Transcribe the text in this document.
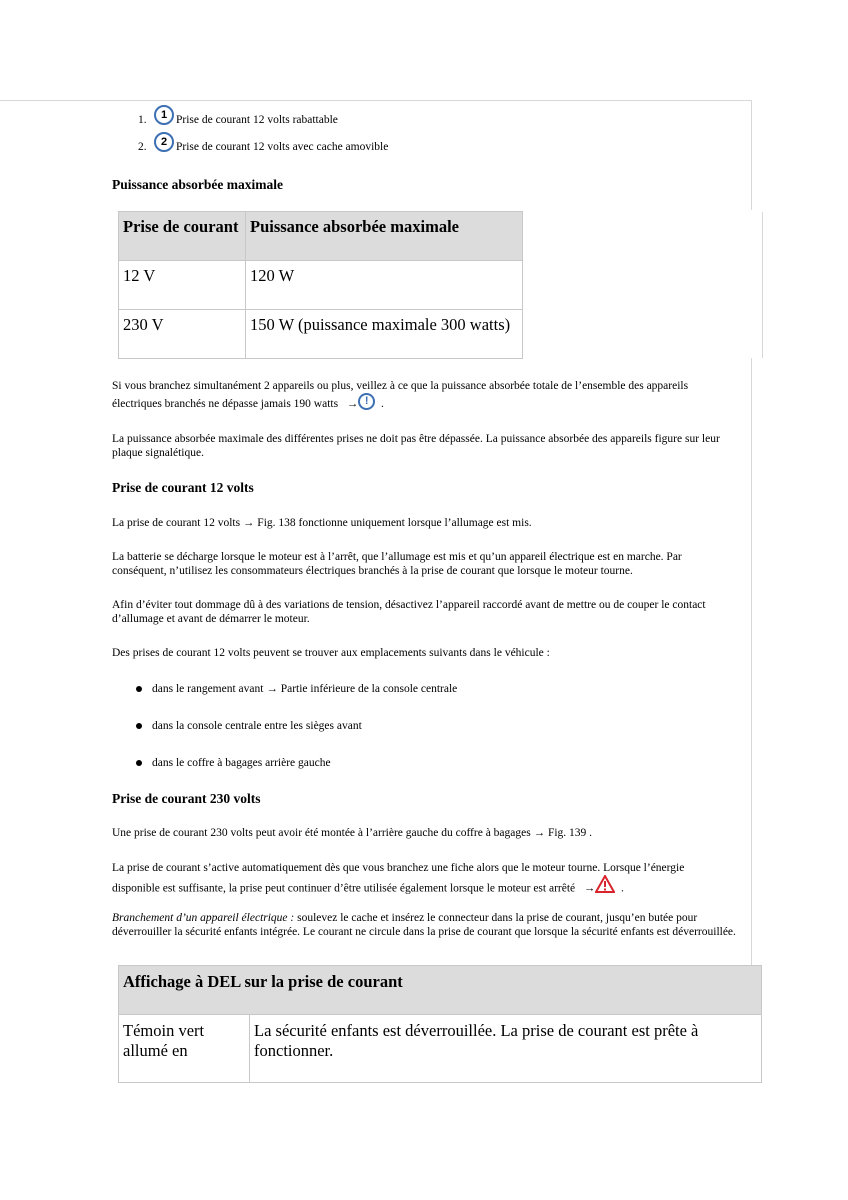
1.	1 Prise de courant 12 volts rabattable
2.	2 Prise de courant 12 volts avec cache amovible
Puissance absorbée maximale
Prise de courant	Puissance absorbée maximale
12 V	120 W
230 V	150 W (puissance maximale 300 watts)
Si vous branchez simultanément 2 appareils ou plus, veillez à ce que la puissance absorbée totale de l’ensemble des appareils
électriques branchés ne dépasse jamais 190 watts → ! .
La puissance absorbée maximale des différentes prises ne doit pas être dépassée. La puissance absorbée des appareils figure sur leur plaque signalétique.
Prise de courant 12 volts
La prise de courant 12 volts → Fig. 138 fonctionne uniquement lorsque l’allumage est mis.
La batterie se décharge lorsque le moteur est à l’arrêt, que l’allumage est mis et qu’un appareil électrique est en marche. Par conséquent, n’utilisez les consommateurs électriques branchés à la prise de courant que lorsque le moteur tourne.
Afin d’éviter tout dommage dû à des variations de tension, désactivez l’appareil raccordé avant de mettre ou de couper le contact d’allumage et avant de démarrer le moteur.
Des prises de courant 12 volts peuvent se trouver aux emplacements suivants dans le véhicule :
dans le rangement avant → Partie inférieure de la console centrale
dans la console centrale entre les sièges avant
dans le coffre à bagages arrière gauche
Prise de courant 230 volts
Une prise de courant 230 volts peut avoir été montée à l’arrière gauche du coffre à bagages → Fig. 139 .
La prise de courant s’active automatiquement dès que vous branchez une fiche alors que le moteur tourne. Lorsque l’énergie
disponible est suffisante, la prise peut continuer d’être utilisée également lorsque le moteur est arrêté → .
Branchement d’un appareil électrique : soulevez le cache et insérez le connecteur dans la prise de courant, jusqu’en butée pour déverrouiller la sécurité enfants intégrée. Le courant ne circule dans la prise de courant que lorsque la sécurité enfants est déverrouillée.
Affichage à DEL sur la prise de courant
Témoin vert allumé en	La sécurité enfants est déverrouillée. La prise de courant est prête à fonctionner.
